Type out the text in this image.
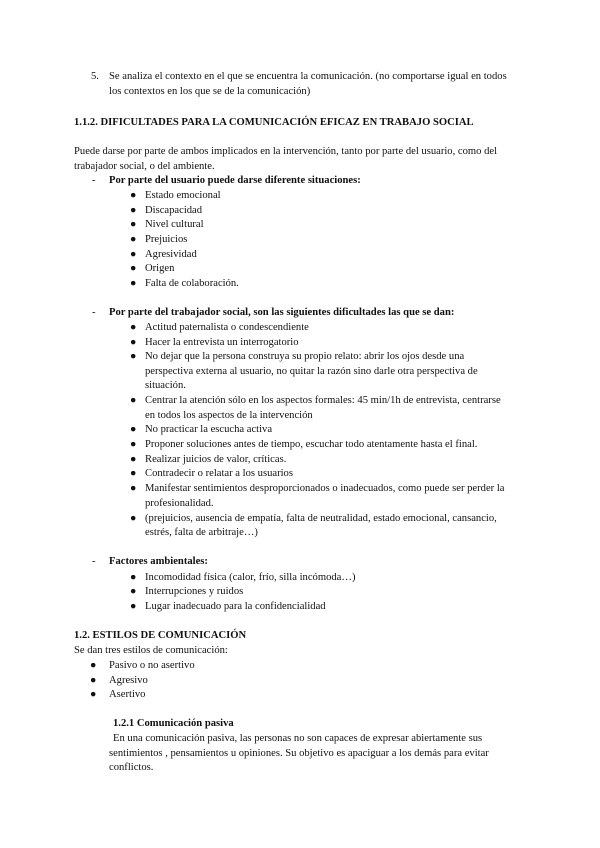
5. Se analiza el contexto en el que se encuentra la comunicación. (no comportarse igual en todos
los contextos en los que se de la comunicación)
1.1.2. DIFICULTADES PARA LA COMUNICACIÓN EFICAZ EN TRABAJO SOCIAL
Puede darse por parte de ambos implicados en la intervención, tanto por parte del usuario, como del
trabajador social, o del ambiente.
- Por parte del usuario puede darse diferente situaciones:
● Estado emocional
● Discapacidad
● Nivel cultural
● Prejuicios
● Agresividad
● Origen
● Falta de colaboración.
- Por parte del trabajador social, son las siguientes dificultades las que se dan:
● Actitud paternalista o condescendiente
● Hacer la entrevista un interrogatorio
● No dejar que la persona construya su propio relato: abrir los ojos desde una
perspectiva externa al usuario, no quitar la razón sino darle otra perspectiva de
situación.
● Centrar la atención sólo en los aspectos formales: 45 min/1h de entrevista, centrarse
en todos los aspectos de la intervención
● No practicar la escucha activa
● Proponer soluciones antes de tiempo, escuchar todo atentamente hasta el final.
● Realizar juicios de valor, críticas.
● Contradecir o relatar a los usuarios
● Manifestar sentimientos desproporcionados o inadecuados, como puede ser perder la
profesionalidad.
● (prejuicios, ausencia de empatía, falta de neutralidad, estado emocional, cansancio,
estrés, falta de arbitraje…)
- Factores ambientales:
● Incomodidad física (calor, frío, silla incómoda…)
● Interrupciones y ruidos
● Lugar inadecuado para la confidencialidad
1.2. ESTILOS DE COMUNICACIÓN
Se dan tres estilos de comunicación:
● Pasivo o no asertivo
● Agresivo
● Asertivo
1.2.1 Comunicación pasiva
En una comunicación pasiva, las personas no son capaces de expresar abiertamente sus
sentimientos , pensamientos u opiniones. Su objetivo es apaciguar a los demás para evitar
conflictos.
